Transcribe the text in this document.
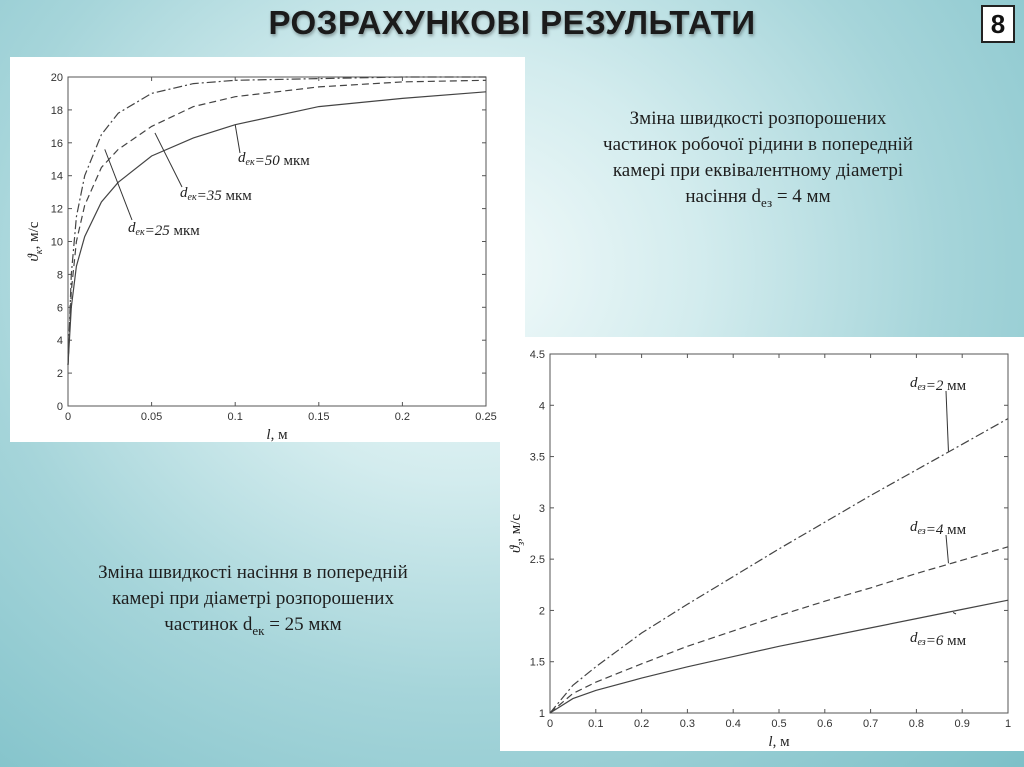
РОЗРАХУНКОВІ РЕЗУЛЬТАТИ	8
0	0.05	0.1	0.15	0.2	0.25
0
2
4
6
8
10
12
14
16
18
20
l, м
$ϑ_к$, м/с
$d_{ек}=50$ мкм
$d_{ек}=35$ мкм
$d_{ек}=25$ мкм
Зміна швидкості розпорошених
частинок робочої рідини в попередній
камері при еквівалентному діаметрі
насіння $d_{ез} = 4$ мм
0	0.1	0.2	0.3	0.4	0.5	0.6	0.7	0.8	0.9	1
1
1.5
2
2.5
3
3.5
4
4.5
l, м
$ϑ_з$, м/с
$d_{ез}=2$ мм
$d_{ез}=4$ мм
$d_{ез}=6$ мм
Зміна швидкості насіння в попередній
камері при діаметрі розпорошених
частинок $d_{ек} = 25$ мкм
